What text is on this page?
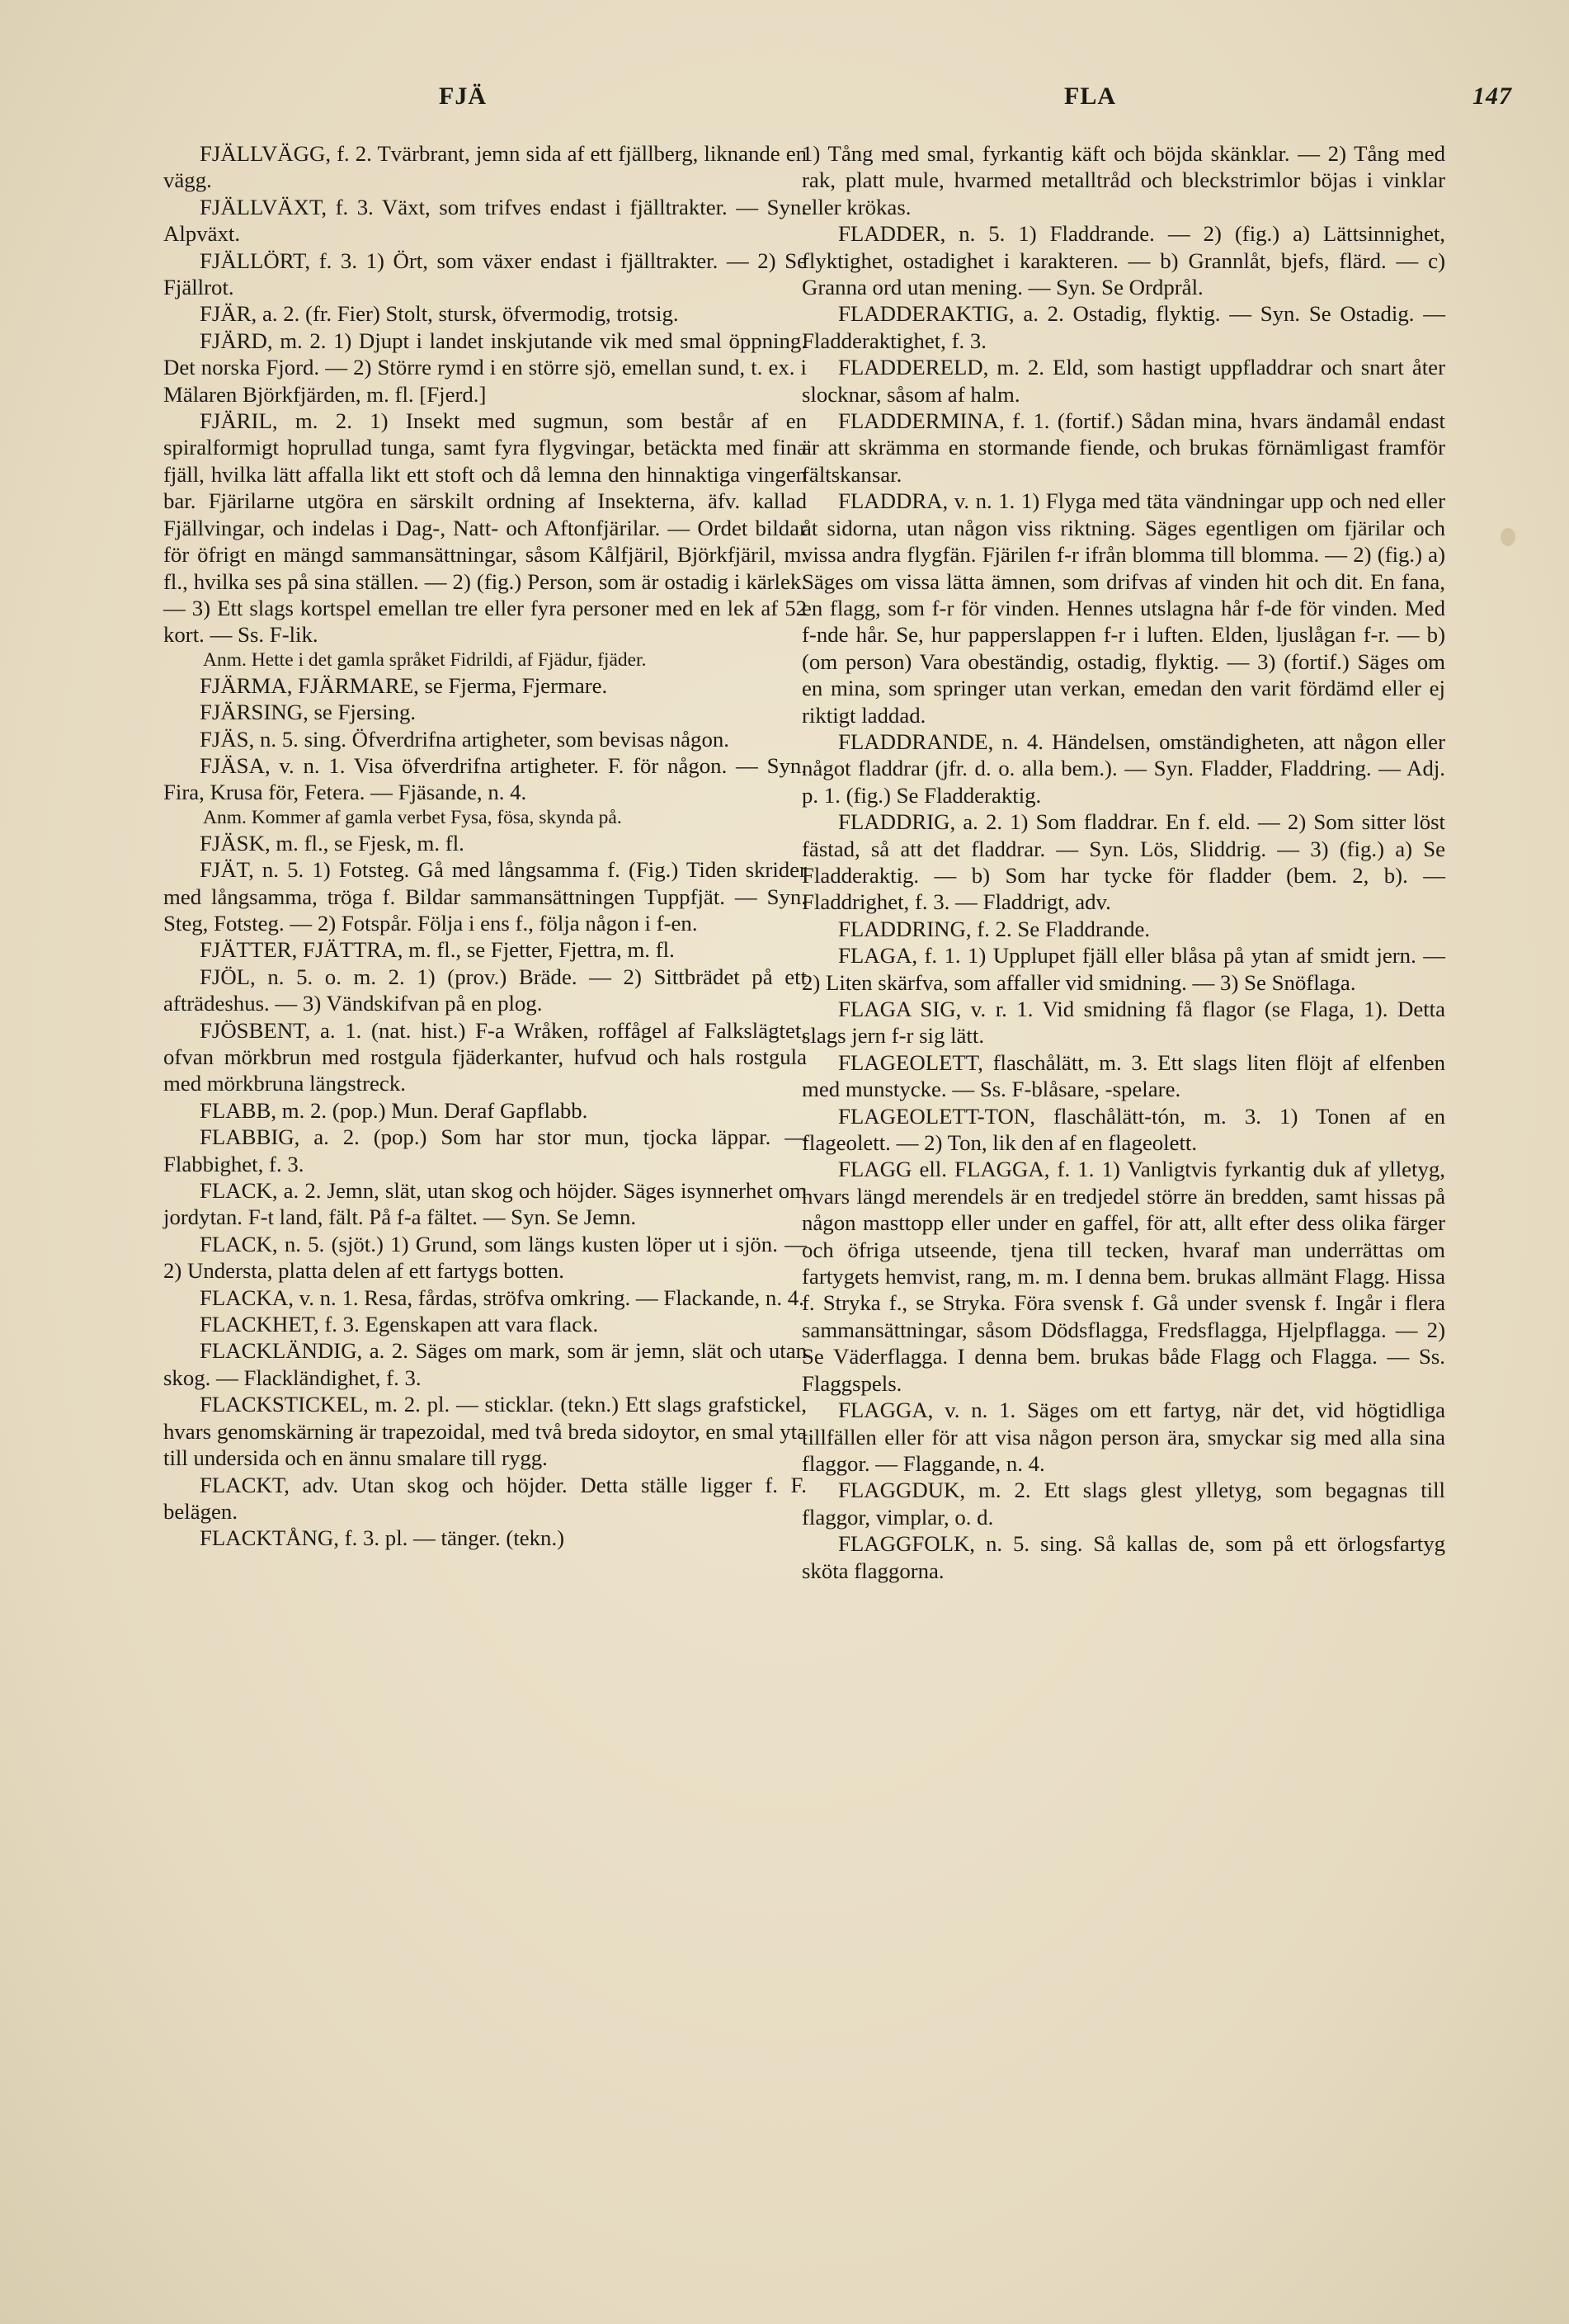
FJÄ	FLA	147

FJÄLLVÄGG, f. 2. Tvärbrant, jemn sida af ett fjällberg, liknande en vägg.

FJÄLLVÄXT, f. 3. Växt, som trifves endast i fjälltrakter. — Syn. Alpväxt.

FJÄLLÖRT, f. 3. 1) Ört, som växer endast i fjälltrakter. — 2) Se Fjällrot.

FJÄR, a. 2. (fr. Fier) Stolt, stursk, öfvermodig, trotsig.

FJÄRD, m. 2. 1) Djupt i landet inskjutande vik med smal öppning. Det norska Fjord. — 2) Större rymd i en större sjö, emellan sund, t. ex. i Mälaren Björkfjärden, m. fl. [Fjerd.]

FJÄRIL, m. 2. 1) Insekt med sugmun, som består af en spiralformigt hoprullad tunga, samt fyra flygvingar, betäckta med fina fjäll, hvilka lätt affalla likt ett stoft och då lemna den hinnaktiga vingen bar. Fjärilarne utgöra en särskilt ordning af Insekterna, äfv. kallad Fjällvingar, och indelas i Dag-, Natt- och Aftonfjärilar. — Ordet bildar för öfrigt en mängd sammansättningar, såsom Kålfjäril, Björkfjäril, m. fl., hvilka ses på sina ställen. — 2) (fig.) Person, som är ostadig i kärlek. — 3) Ett slags kortspel emellan tre eller fyra personer med en lek af 52 kort. — Ss. F-lik.

Anm. Hette i det gamla språket Fidrildi, af Fjädur, fjäder.

FJÄRMA, FJÄRMARE, se Fjerma, Fjermare.

FJÄRSING, se Fjersing.

FJÄS, n. 5. sing. Öfverdrifna artigheter, som bevisas någon.

FJÄSA, v. n. 1. Visa öfverdrifna artigheter. F. för någon. — Syn. Fira, Krusa för, Fetera. — Fjäsande, n. 4.

Anm. Kommer af gamla verbet Fysa, fösa, skynda på.

FJÄSK, m. fl., se Fjesk, m. fl.

FJÄT, n. 5. 1) Fotsteg. Gå med långsamma f. (Fig.) Tiden skrider med långsamma, tröga f. Bildar sammansättningen Tuppfjät. — Syn. Steg, Fotsteg. — 2) Fotspår. Följa i ens f., följa någon i f-en.

FJÄTTER, FJÄTTRA, m. fl., se Fjetter, Fjettra, m. fl.

FJÖL, n. 5. o. m. 2. 1) (prov.) Bräde. — 2) Sittbrädet på ett afträdeshus. — 3) Vändskifvan på en plog.

FJÖSBENT, a. 1. (nat. hist.) F-a Wråken, roffågel af Falkslägtet, ofvan mörkbrun med rostgula fjäderkanter, hufvud och hals rostgula med mörkbruna längstreck.

FLABB, m. 2. (pop.) Mun. Deraf Gapflabb.

FLABBIG, a. 2. (pop.) Som har stor mun, tjocka läppar. — Flabbighet, f. 3.

FLACK, a. 2. Jemn, slät, utan skog och höjder. Säges isynnerhet om jordytan. F-t land, fält. På f-a fältet. — Syn. Se Jemn.

FLACK, n. 5. (sjöt.) 1) Grund, som längs kusten löper ut i sjön. — 2) Understa, platta delen af ett fartygs botten.

FLACKA, v. n. 1. Resa, fårdas, ströfva omkring. — Flackande, n. 4.

FLACKHET, f. 3. Egenskapen att vara flack.

FLACKLÄNDIG, a. 2. Säges om mark, som är jemn, slät och utan skog. — Flackländighet, f. 3.

FLACKSTICKEL, m. 2. pl. — sticklar. (tekn.) Ett slags grafstickel, hvars genomskärning är trapezoidal, med två breda sidoytor, en smal yta till undersida och en ännu smalare till rygg.

FLACKT, adv. Utan skog och höjder. Detta ställe ligger f. F. belägen.

FLACKTÅNG, f. 3. pl. — tänger. (tekn.)

1) Tång med smal, fyrkantig käft och böjda skänklar. — 2) Tång med rak, platt mule, hvarmed metalltråd och bleckstrimlor böjas i vinklar eller krökas.

FLADDER, n. 5. 1) Fladdrande. — 2) (fig.) a) Lättsinnighet, flyktighet, ostadighet i karakteren. — b) Grannlåt, bjefs, flärd. — c) Granna ord utan mening. — Syn. Se Ordprål.

FLADDERAKTIG, a. 2. Ostadig, flyktig. — Syn. Se Ostadig. — Fladderaktighet, f. 3.

FLADDERELD, m. 2. Eld, som hastigt uppfladdrar och snart åter slocknar, såsom af halm.

FLADDERMINA, f. 1. (fortif.) Sådan mina, hvars ändamål endast är att skrämma en stormande fiende, och brukas förnämligast framför fältskansar.

FLADDRA, v. n. 1. 1) Flyga med täta vändningar upp och ned eller åt sidorna, utan någon viss riktning. Säges egentligen om fjärilar och vissa andra flygfän. Fjärilen f-r ifrån blomma till blomma. — 2) (fig.) a) Säges om vissa lätta ämnen, som drifvas af vinden hit och dit. En fana, en flagg, som f-r för vinden. Hennes utslagna hår f-de för vinden. Med f-nde hår. Se, hur papperslappen f-r i luften. Elden, ljuslågan f-r. — b) (om person) Vara obeständig, ostadig, flyktig. — 3) (fortif.) Säges om en mina, som springer utan verkan, emedan den varit fördämd eller ej riktigt laddad.

FLADDRANDE, n. 4. Händelsen, omständigheten, att någon eller något fladdrar (jfr. d. o. alla bem.). — Syn. Fladder, Fladdring. — Adj. p. 1. (fig.) Se Fladderaktig.

FLADDRIG, a. 2. 1) Som fladdrar. En f. eld. — 2) Som sitter löst fästad, så att det fladdrar. — Syn. Lös, Sliddrig. — 3) (fig.) a) Se Fladderaktig. — b) Som har tycke för fladder (bem. 2, b). — Fladdrighet, f. 3. — Fladdrigt, adv.

FLADDRING, f. 2. Se Fladdrande.

FLAGA, f. 1. 1) Upplupet fjäll eller blåsa på ytan af smidt jern. — 2) Liten skärfva, som affaller vid smidning. — 3) Se Snöflaga.

FLAGA SIG, v. r. 1. Vid smidning få flagor (se Flaga, 1). Detta slags jern f-r sig lätt.

FLAGEOLETT, flaschålätt, m. 3. Ett slags liten flöjt af elfenben med munstycke. — Ss. F-blåsare, -spelare.

FLAGEOLETT-TON, flaschålätt-tón, m. 3. 1) Tonen af en flageolett. — 2) Ton, lik den af en flageolett.

FLAGG ell. FLAGGA, f. 1. 1) Vanligtvis fyrkantig duk af ylletyg, hvars längd merendels är en tredjedel större än bredden, samt hissas på någon masttopp eller under en gaffel, för att, allt efter dess olika färger och öfriga utseende, tjena till tecken, hvaraf man underrättas om fartygets hemvist, rang, m. m. I denna bem. brukas allmänt Flagg. Hissa f. Stryka f., se Stryka. Föra svensk f. Gå under svensk f. Ingår i flera sammansättningar, såsom Dödsflagga, Fredsflagga, Hjelpflagga. — 2) Se Väderflagga. I denna bem. brukas både Flagg och Flagga. — Ss. Flaggspels.

FLAGGA, v. n. 1. Säges om ett fartyg, när det, vid högtidliga tillfällen eller för att visa någon person ära, smyckar sig med alla sina flaggor. — Flaggande, n. 4.

FLAGGDUK, m. 2. Ett slags glest ylletyg, som begagnas till flaggor, vimplar, o. d.

FLAGGFOLK, n. 5. sing. Så kallas de, som på ett örlogsfartyg sköta flaggorna.
